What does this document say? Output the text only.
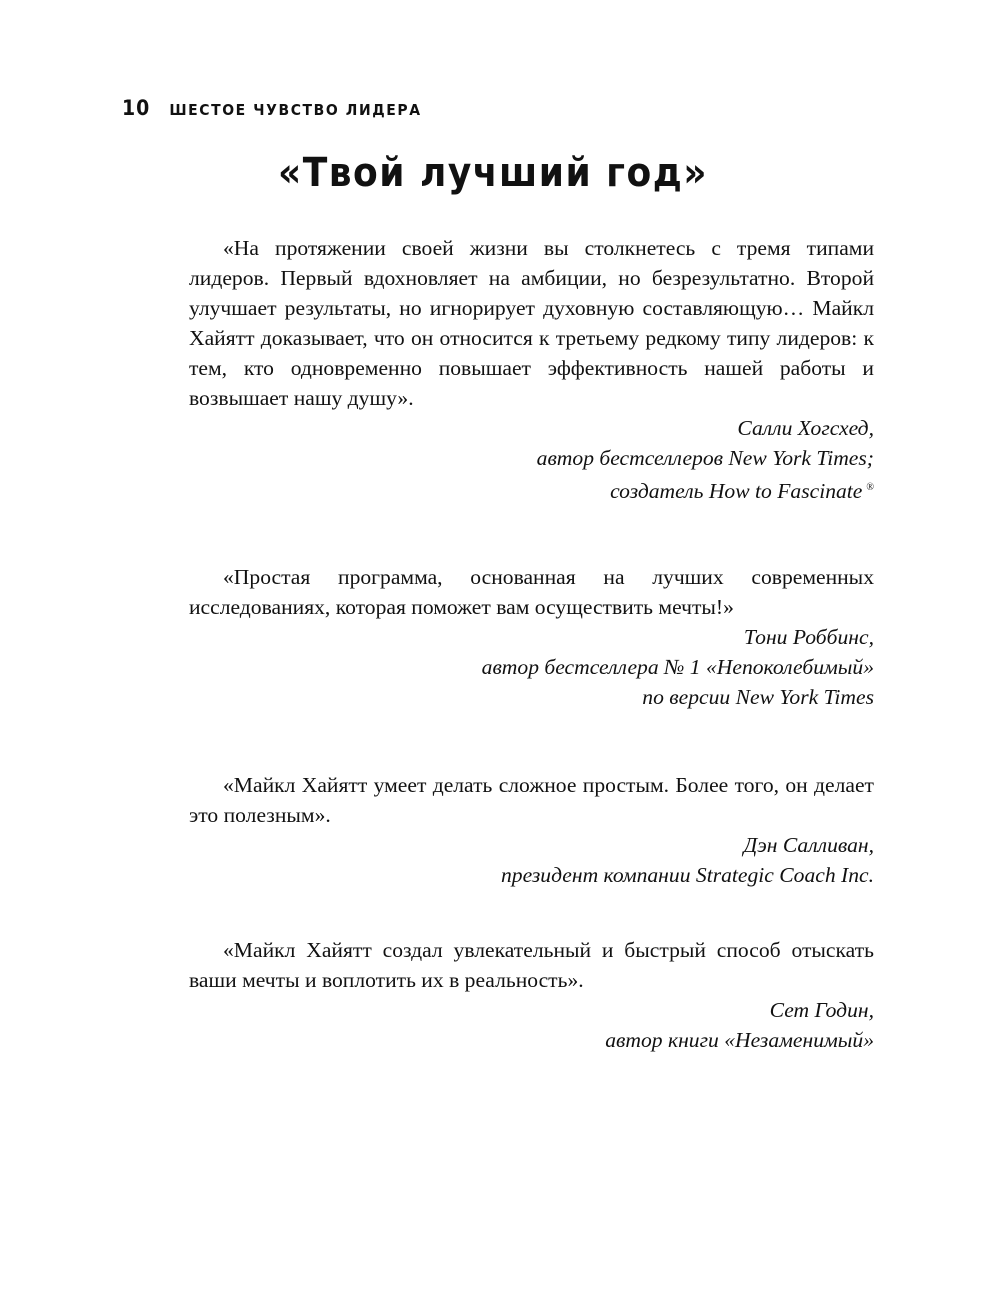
10 ШЕСТОЕ ЧУВСТВО ЛИДЕРА
«Твой лучший год»

«На протяжении своей жизни вы столкнетесь с тремя типами лидеров. Первый вдохновляет на амбиции, но безрезультатно. Второй улучшает результаты, но игнорирует духовную составляющую… Майкл Хайятт доказывает, что он относится к третьему редкому типу лидеров: к тем, кто одновременно повышает эффективность нашей работы и возвышает нашу душу».

Салли Хогсхед,
автор бестселлеров New York Times;
создатель How to Fascinate ®

«Простая программа, основанная на лучших современных исследованиях, которая поможет вам осуществить мечты!»

Тони Роббинс,
автор бестселлера № 1 «Непоколебимый»
по версии New York Times

«Майкл Хайятт умеет делать сложное простым. Более того, он делает это полезным».

Дэн Салливан,
президент компании Strategic Coach Inc.

«Майкл Хайятт создал увлекательный и быстрый способ отыскать ваши мечты и воплотить их в реальность».

Сет Годин,
автор книги «Незаменимый»
